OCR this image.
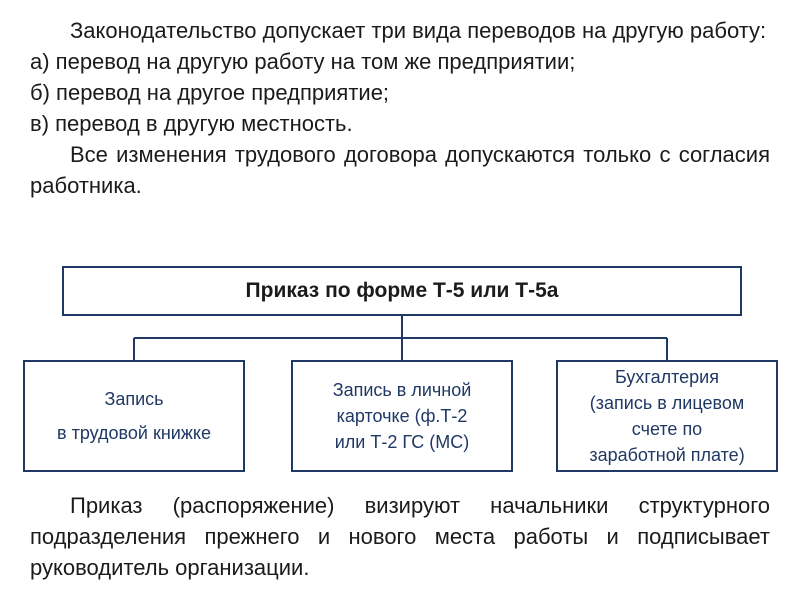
Законодательство допускает три вида переводов на другую работу:

а) перевод на другую работу на том же предприятии;

б) перевод на другое предприятие;

в) перевод в другую местность.

Все изменения трудового договора допускаются только с согласия работника.

Приказ по форме Т-5 или Т-5а
Запись
в трудовой книжке
Запись в личной
карточке (ф.Т-2
или Т-2 ГС (МС)
Бухгалтерия
(запись в лицевом
счете по
заработной плате)

Приказ (распоряжение) визируют начальники структурного подразделения прежнего и нового места работы и подписывает руководитель организации.
